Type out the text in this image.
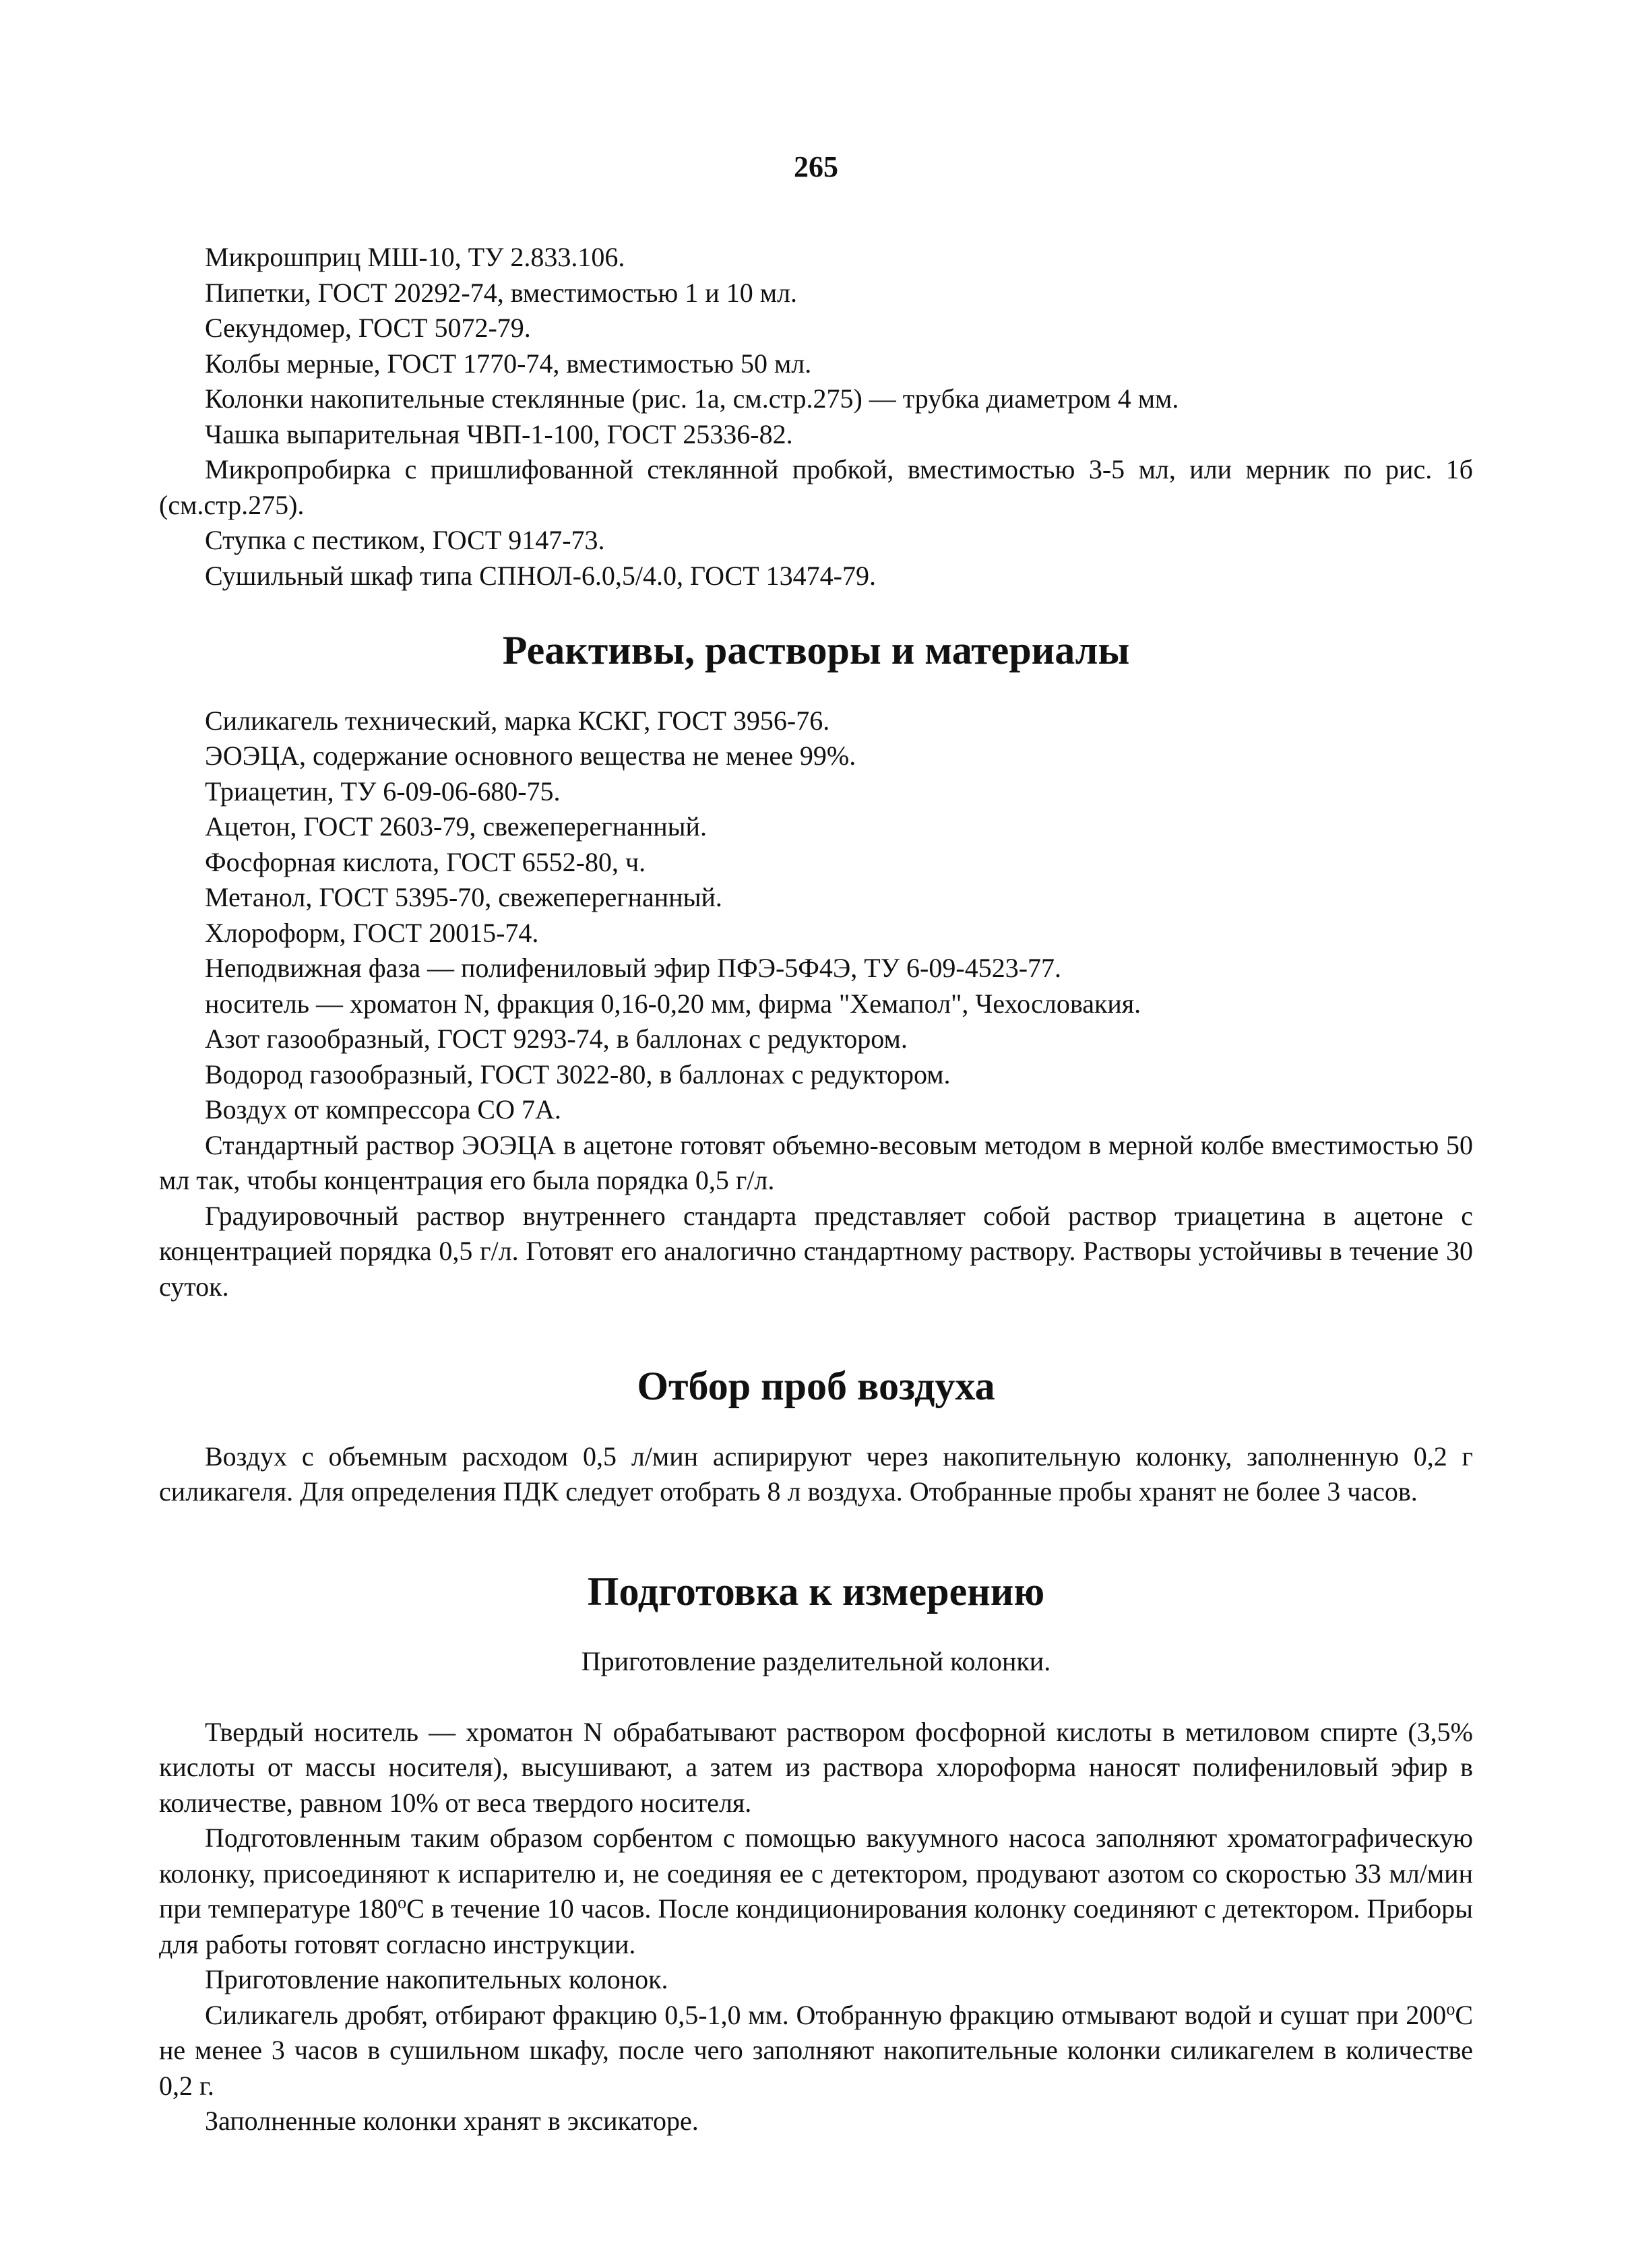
265

Микрошприц МШ-10, ТУ 2.833.106.

Пипетки, ГОСТ 20292-74, вместимостью 1 и 10 мл.

Секундомер, ГОСТ 5072-79.

Колбы мерные, ГОСТ 1770-74, вместимостью 50 мл.

Колонки накопительные стеклянные (рис. 1а, см.стр.275) — трубка диаметром 4 мм.

Чашка выпарительная ЧВП-1-100, ГОСТ 25336-82.

Микропробирка с пришлифованной стеклянной пробкой, вместимостью 3-5 мл, или мерник по рис. 1б (см.стр.275).

Ступка с пестиком, ГОСТ 9147-73.

Сушильный шкаф типа СПНОЛ-6.0,5/4.0, ГОСТ 13474-79.

Реактивы, растворы и материалы

Силикагель технический, марка КСКГ, ГОСТ 3956-76.

ЭОЭЦА, содержание основного вещества не менее 99%.

Триацетин, ТУ 6-09-06-680-75.

Ацетон, ГОСТ 2603-79, свежеперегнанный.

Фосфорная кислота, ГОСТ 6552-80, ч.

Метанол, ГОСТ 5395-70, свежеперегнанный.

Хлороформ, ГОСТ 20015-74.

Неподвижная фаза — полифениловый эфир ПФЭ-5Ф4Э, ТУ 6-09-4523-77.

носитель — хроматон N, фракция 0,16-0,20 мм, фирма "Хемапол", Чехословакия.

Азот газообразный, ГОСТ 9293-74, в баллонах с редуктором.

Водород газообразный, ГОСТ 3022-80, в баллонах с редуктором.

Воздух от компрессора СО 7А.

Стандартный раствор ЭОЭЦА в ацетоне готовят объемно-весовым методом в мерной колбе вместимостью 50 мл так, чтобы концентрация его была порядка 0,5 г/л.

Градуировочный раствор внутреннего стандарта представляет собой раствор триацетина в ацетоне с концентрацией порядка 0,5 г/л. Готовят его аналогично стандартному раствору. Растворы устойчивы в течение 30 суток.

Отбор проб воздуха

Воздух с объемным расходом 0,5 л/мин аспирируют через накопительную колонку, заполненную 0,2 г силикагеля. Для определения ПДК следует отобрать 8 л воздуха. Отобранные пробы хранят не более 3 часов.

Подготовка к измерению

Приготовление разделительной колонки.

Твердый носитель — хроматон N обрабатывают раствором фосфорной кислоты в метиловом спирте (3,5% кислоты от массы носителя), высушивают, а затем из раствора хлороформа наносят полифениловый эфир в количестве, равном 10% от веса твердого носителя.

Подготовленным таким образом сорбентом с помощью вакуумного насоса заполняют хроматографическую колонку, присоединяют к испарителю и, не соединяя ее с детектором, продувают азотом со скоростью 33 мл/мин при температуре $180^оС$ в течение 10 часов. После кондиционирования колонку соединяют с детектором. Приборы для работы готовят согласно инструкции.

Приготовление накопительных колонок.

Силикагель дробят, отбирают фракцию 0,5-1,0 мм. Отобранную фракцию отмывают водой и сушат при $200^оС$ не менее 3 часов в сушильном шкафу, после чего заполняют накопительные колонки силикагелем в количестве 0,2 г.

Заполненные колонки хранят в эксикаторе.
